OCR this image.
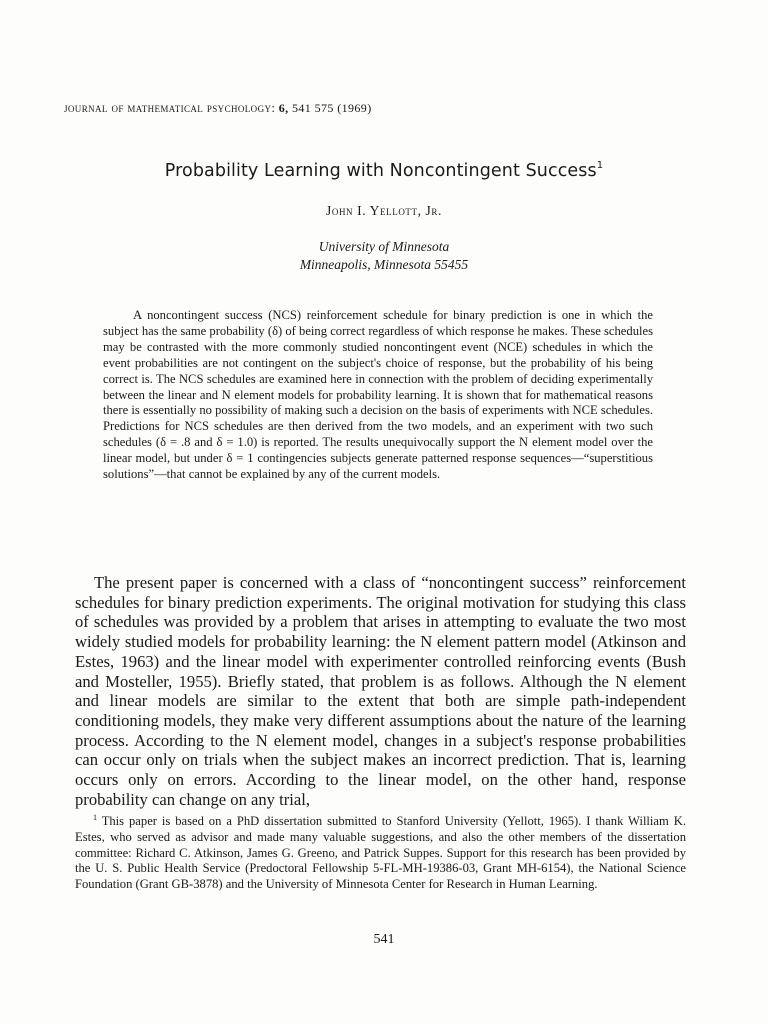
journal of mathematical psychology: 6, 541 575 (1969)
Probability Learning with Noncontingent Success$^1$
John I. Yellott, Jr.
University of Minnesota
Minneapolis, Minnesota 55455

A noncontingent success (NCS) reinforcement schedule for binary prediction is one in which the subject has the same probability (δ) of being correct regardless of which response he makes. These schedules may be contrasted with the more commonly studied noncontingent event (NCE) schedules in which the event probabilities are not contingent on the subject's choice of response, but the probability of his being correct is. The NCS schedules are examined here in connection with the problem of deciding experimentally between the linear and N element models for probability learning. It is shown that for mathematical reasons there is essentially no possibility of making such a decision on the basis of experiments with NCE schedules. Predictions for NCS schedules are then derived from the two models, and an experiment with two such schedules (δ = .8 and δ = 1.0) is reported. The results unequivocally support the N element model over the linear model, but under δ = 1 contingencies subjects generate patterned response sequences—“superstitious solutions”—that cannot be explained by any of the current models.

The present paper is concerned with a class of “noncontingent success” reinforcement schedules for binary prediction experiments. The original motivation for studying this class of schedules was provided by a problem that arises in attempting to evaluate the two most widely studied models for probability learning: the N element pattern model (Atkinson and Estes, 1963) and the linear model with experimenter controlled reinforcing events (Bush and Mosteller, 1955). Briefly stated, that problem is as follows. Although the N element and linear models are similar to the extent that both are simple path-independent conditioning models, they make very different assumptions about the nature of the learning process. According to the N element model, changes in a subject's response probabilities can occur only on trials when the subject makes an incorrect prediction. That is, learning occurs only on errors. According to the linear model, on the other hand, response probability can change on any trial,

$^1$ This paper is based on a PhD dissertation submitted to Stanford University (Yellott, 1965). I thank William K. Estes, who served as advisor and made many valuable suggestions, and also the other members of the dissertation committee: Richard C. Atkinson, James G. Greeno, and Patrick Suppes. Support for this research has been provided by the U. S. Public Health Service (Predoctoral Fellowship 5-FL-MH-19386-03, Grant MH-6154), the National Science Foundation (Grant GB-3878) and the University of Minnesota Center for Research in Human Learning.

541
